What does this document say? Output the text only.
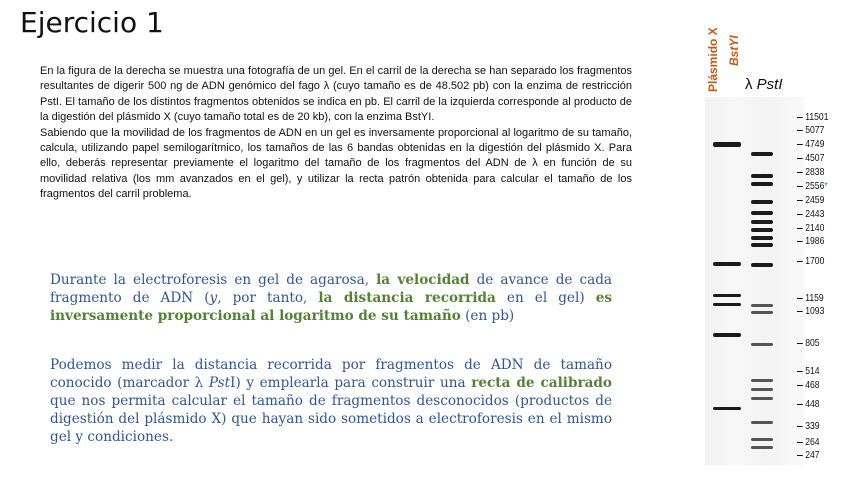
Ejercicio 1

En la figura de la derecha se muestra una fotografía de un gel. En el carril de la derecha se han separado los fragmentos resultantes de digerir 500 ng de ADN genómico del fago λ (cuyo tamaño es de 48.502 pb) con la enzima de restricción PstI. El tamaño de los distintos fragmentos obtenidos se indica en pb. El carril de la izquierda corresponde al producto de la digestión del plásmido X (cuyo tamaño total es de 20 kb), con la enzima BstYI.

Sabiendo que la movilidad de los fragmentos de ADN en un gel es inversamente proporcional al logaritmo de su tamaño, calcula, utilizando papel semilogarítmico, los tamaños de las 6 bandas obtenidas en la digestión del plásmido X. Para ello, deberás representar previamente el logaritmo del tamaño de los fragmentos del ADN de λ en función de su movilidad relativa (los mm avanzados en el gel), y utilizar la recta patrón obtenida para calcular el tamaño de los fragmentos del carril problema.

Durante la electroforesis en gel de agarosa, la velocidad de avance de cada fragmento de ADN (y, por tanto, la distancia recorrida en el gel) es inversamente proporcional al logaritmo de su tamaño (en pb)
Podemos medir la distancia recorrida por fragmentos de ADN de tamaño conocido (marcador λ PstI) y emplearla para construir una recta de calibrado que nos permita calcular el tamaño de fragmentos desconocidos (productos de digestión del plásmido X) que hayan sido sometidos a electroforesis en el mismo gel y condiciones.
Plásmido X BstYI
λ PstI
11501
5077
4749
4507
2838
2556*
2459
2443
2140
1986
1700
1159
1093
805
514
468
448
339
264
247
